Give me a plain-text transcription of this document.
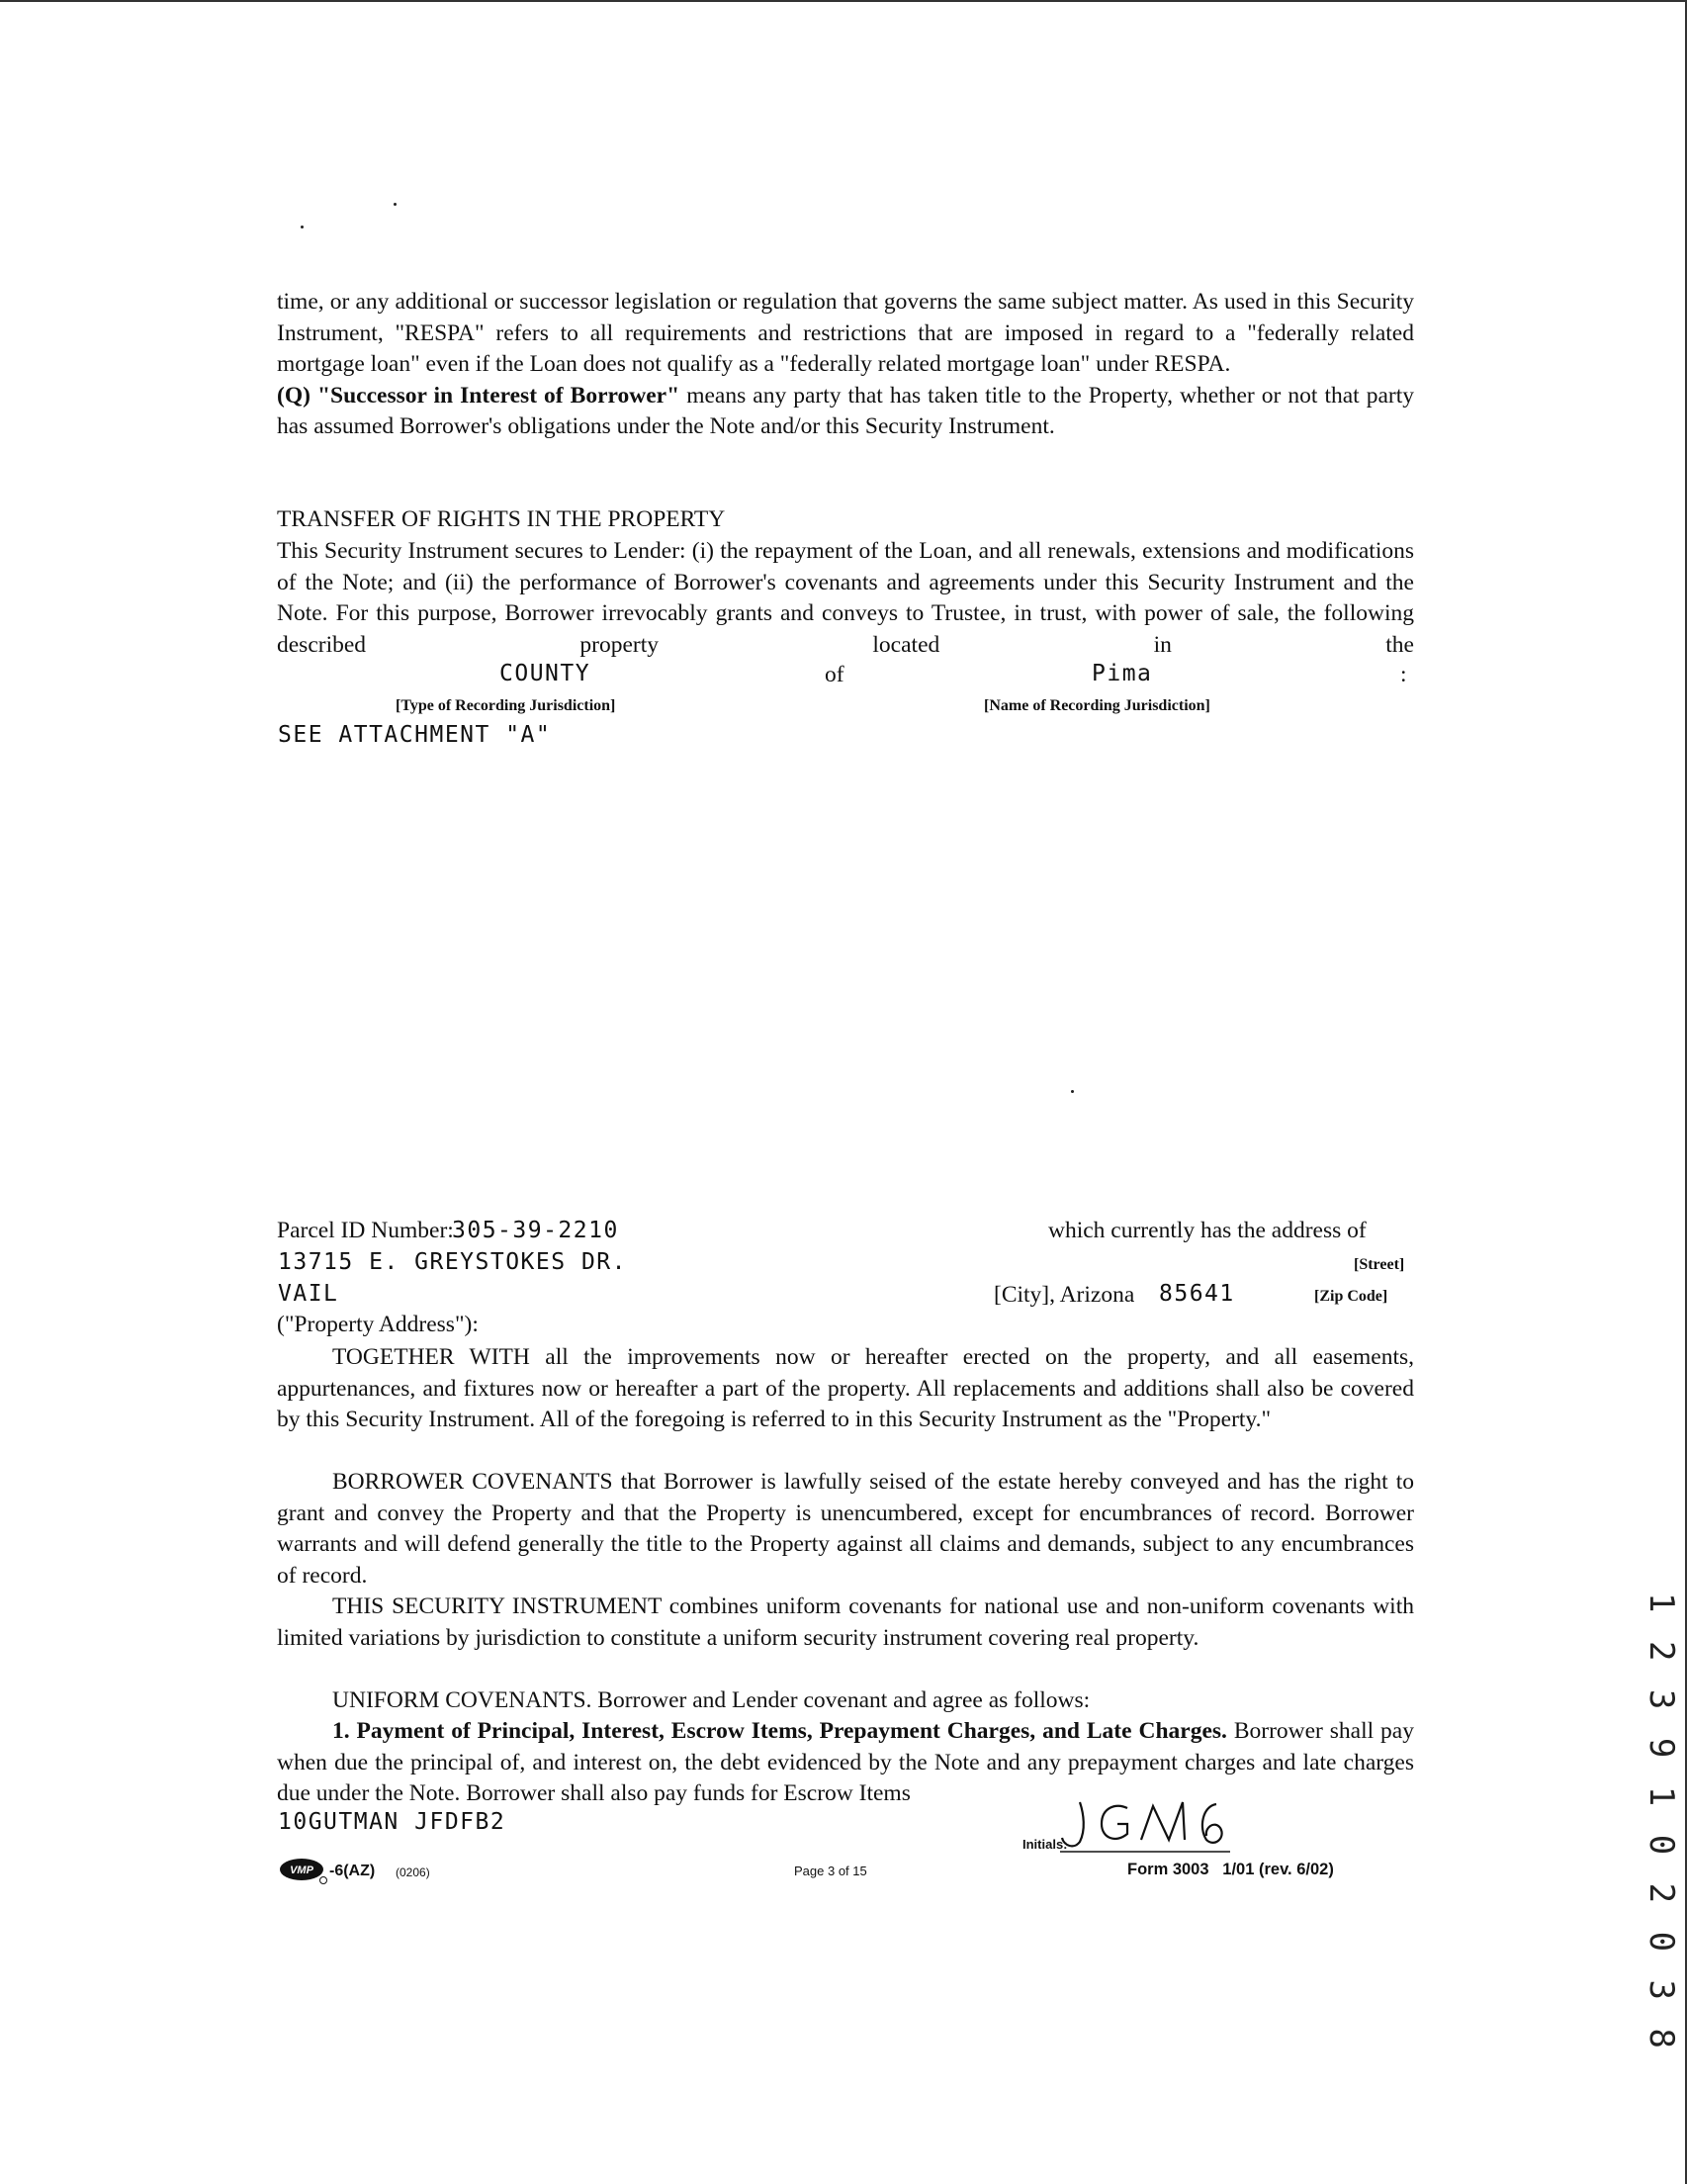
time, or any additional or successor legislation or regulation that governs the same subject matter. As used in this Security Instrument, "RESPA" refers to all requirements and restrictions that are imposed in regard to a "federally related mortgage loan" even if the Loan does not qualify as a "federally related mortgage loan" under RESPA.
(Q) "Successor in Interest of Borrower" means any party that has taken title to the Property, whether or not that party has assumed Borrower's obligations under the Note and/or this Security Instrument.
TRANSFER OF RIGHTS IN THE PROPERTY
This Security Instrument secures to Lender: (i) the repayment of the Loan, and all renewals, extensions and modifications of the Note; and (ii) the performance of Borrower's covenants and agreements under this Security Instrument and the Note. For this purpose, Borrower irrevocably grants and conveys to Trustee, in trust, with power of sale, the following described property located in the
COUNTY	of	Pima	:
[Type of Recording Jurisdiction]	[Name of Recording Jurisdiction]
SEE ATTACHMENT "A"
Parcel ID Number:
305-39-2210	which currently has the address of
13715 E. GREYSTOKES DR.	[Street]
VAIL	[City], Arizona 85641	[Zip Code]
("Property Address"):
TOGETHER WITH all the improvements now or hereafter erected on the property, and all easements, appurtenances, and fixtures now or hereafter a part of the property. All replacements and additions shall also be covered by this Security Instrument. All of the foregoing is referred to in this Security Instrument as the "Property."
BORROWER COVENANTS that Borrower is lawfully seised of the estate hereby conveyed and has the right to grant and convey the Property and that the Property is unencumbered, except for encumbrances of record. Borrower warrants and will defend generally the title to the Property against all claims and demands, subject to any encumbrances of record.
THIS SECURITY INSTRUMENT combines uniform covenants for national use and non-uniform covenants with limited variations by jurisdiction to constitute a uniform security instrument covering real property.
UNIFORM COVENANTS. Borrower and Lender covenant and agree as follows:
1. Payment of Principal, Interest, Escrow Items, Prepayment Charges, and Late Charges. Borrower shall pay when due the principal of, and interest on, the debt evidenced by the Note and any prepayment charges and late charges due under the Note. Borrower shall also pay funds for Escrow Items
10GUTMAN JFDFB2
Initials:
VMP -6(AZ) (0206)	Page 3 of 15	Form 3003   1/01 (rev. 6/02)	1 2 3 9 1 0 2 0 3 8
